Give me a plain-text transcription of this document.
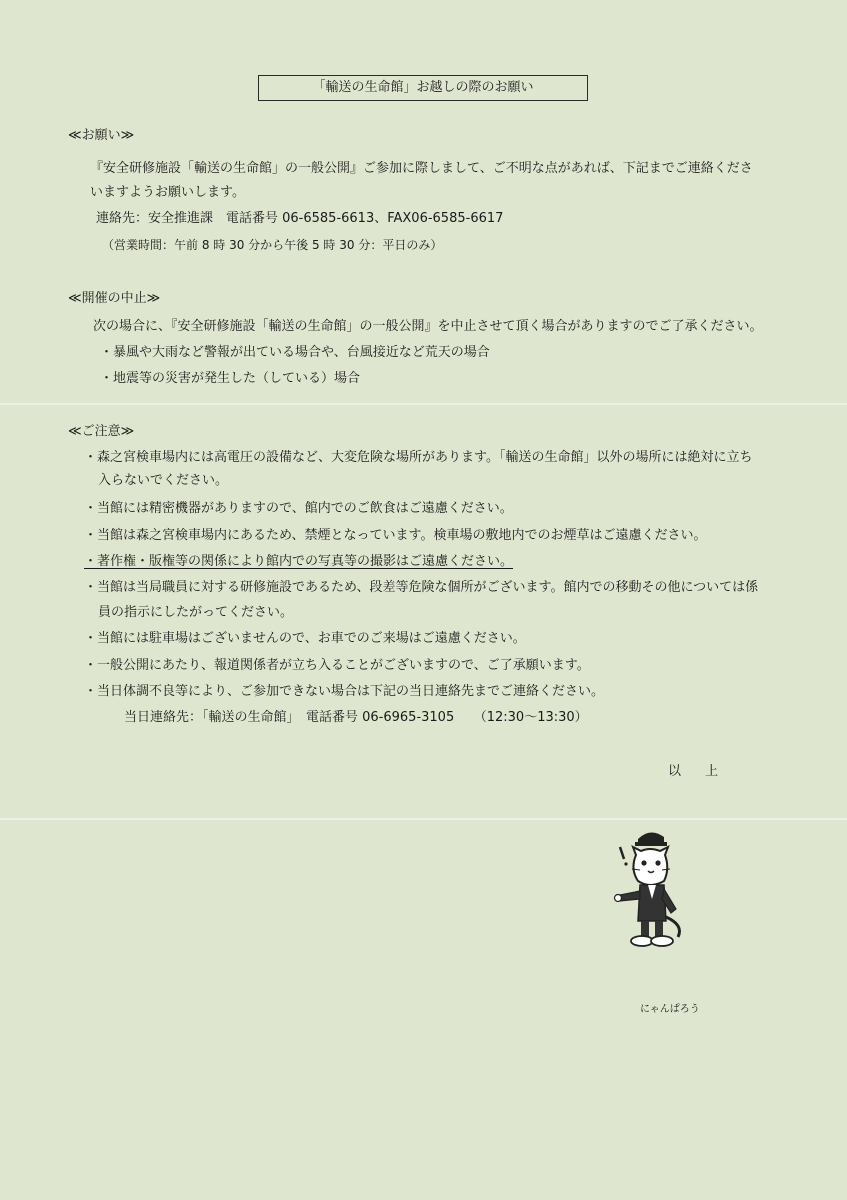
「輸送の生命館」お越しの際のお願い
≪お願い≫
『安全研修施設「輸送の生命館」の一般公開』ご参加に際しまして、ご不明な点があれば、下記までご連絡くださ
いますようお願いします。
連絡先：安全推進課　電話番号 06-6585-6613、FAX06-6585-6617
（営業時間：午前 8 時 30 分から午後 5 時 30 分：平日のみ）
≪開催の中止≫
次の場合に、『安全研修施設「輸送の生命館」の一般公開』を中止させて頂く場合がありますのでご了承ください。
・暴風や大雨など警報が出ている場合や、台風接近など荒天の場合
・地震等の災害が発生した（している）場合
≪ご注意≫
・森之宮検車場内には高電圧の設備など、大変危険な場所があります。「輸送の生命館」以外の場所には絶対に立ち
入らないでください。
・当館には精密機器がありますので、館内でのご飲食はご遠慮ください。
・当館は森之宮検車場内にあるため、禁煙となっています。検車場の敷地内でのお煙草はご遠慮ください。
・著作権・版権等の関係により館内での写真等の撮影はご遠慮ください。
・当館は当局職員に対する研修施設であるため、段差等危険な個所がございます。館内での移動その他については係
員の指示にしたがってください。
・当館には駐車場はございませんので、お車でのご来場はご遠慮ください。
・一般公開にあたり、報道関係者が立ち入ることがございますので、ご了承願います。
・当日体調不良等により、ご参加できない場合は下記の当日連絡先までご連絡ください。
当日連絡先：「輸送の生命館」　電話番号 06-6965-3105　　（12:30～13:30）
以 上
にゃんぱろう
